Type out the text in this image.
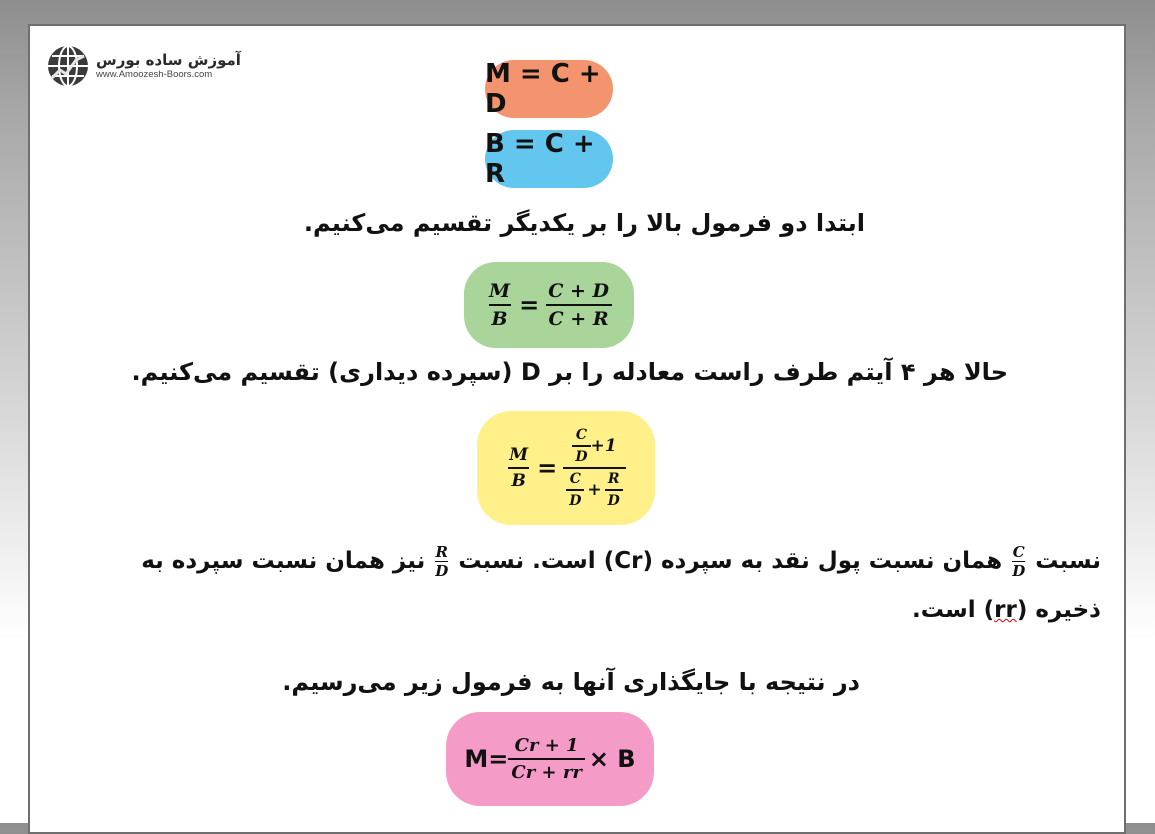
آموزش ساده بورس
www.Amoozesh-Boors.com	M = C + D
B = C + R
ابتدا دو فرمول بالا را بر یکدیگر تقسیم می‌کنیم.
$\frac{M}{B} = \frac{C + D}{C + R}$
حالا هر ۴ آیتم طرف راست معادله را بر D (سپرده دیداری) تقسیم می‌کنیم.
$\frac{M}{B}$ =
$\frac{C}{D} +1$
$\frac{C}{D} + \frac{R}{D}$
نسبت
$\frac{C}{D}$
همان نسبت پول نقد به سپرده (Cr) است. نسبت
$\frac{R}{D}$
نیز همان نسبت سپرده به
ذخیره (rr) است.
در نتیجه با جایگذاری آنها به فرمول زیر می‌رسیم.
$M= \frac{Cr + 1}{Cr + rr} \times B$
